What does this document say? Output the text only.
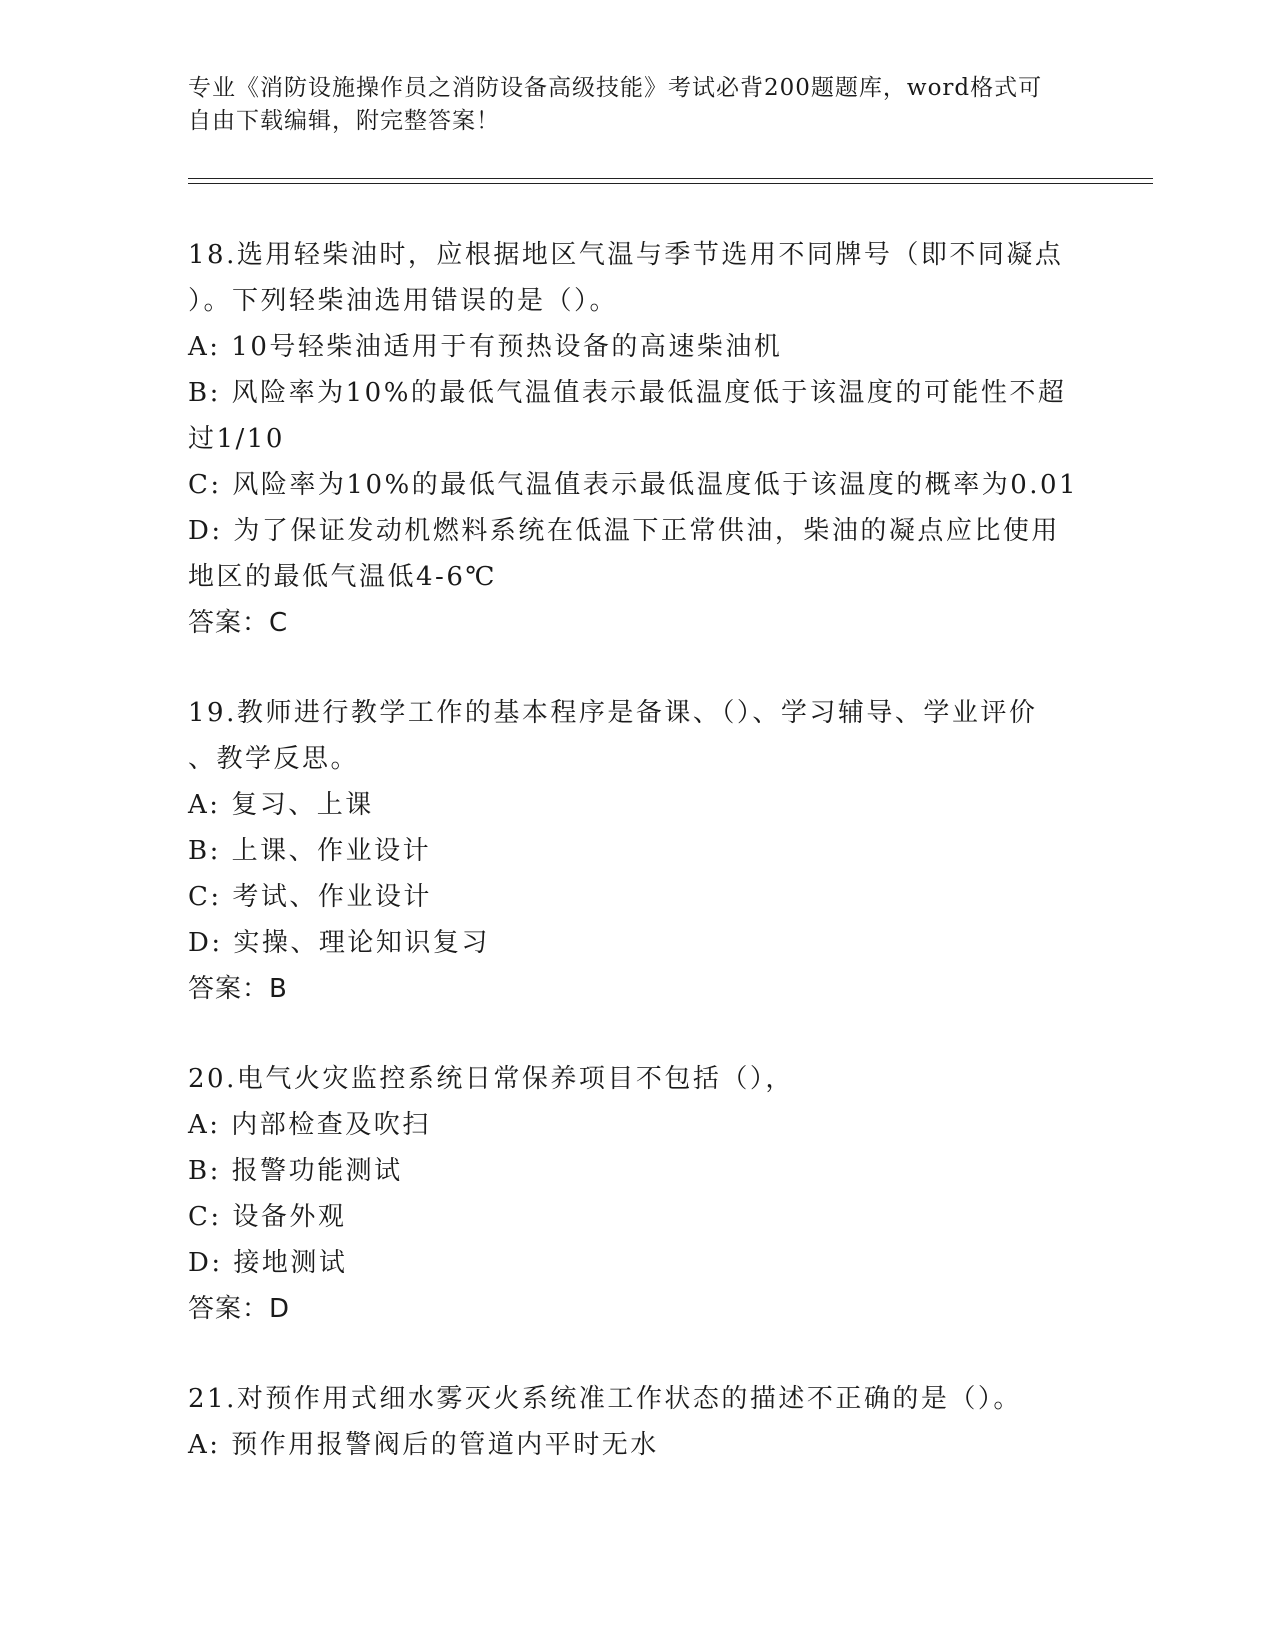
专业《消防设施操作员之消防设备高级技能》考试必背200题题库，word格式可
自由下载编辑，附完整答案！
18.选用轻柴油时，应根据地区气温与季节选用不同牌号（即不同凝点
）。下列轻柴油选用错误的是（）。
A: 10号轻柴油适用于有预热设备的高速柴油机
B: 风险率为10%的最低气温值表示最低温度低于该温度的可能性不超
过1/10
C: 风险率为10%的最低气温值表示最低温度低于该温度的概率为0.01
D: 为了保证发动机燃料系统在低温下正常供油，柴油的凝点应比使用
地区的最低气温低4-6℃
答案：C
19.教师进行教学工作的基本程序是备课、（）、学习辅导、学业评价
、教学反思。
A: 复习、上课
B: 上课、作业设计
C: 考试、作业设计
D: 实操、理论知识复习
答案：B
20.电气火灾监控系统日常保养项目不包括（），
A: 内部检查及吹扫
B: 报警功能测试
C: 设备外观
D: 接地测试
答案：D
21.对预作用式细水雾灭火系统准工作状态的描述不正确的是（）。
A: 预作用报警阀后的管道内平时无水
